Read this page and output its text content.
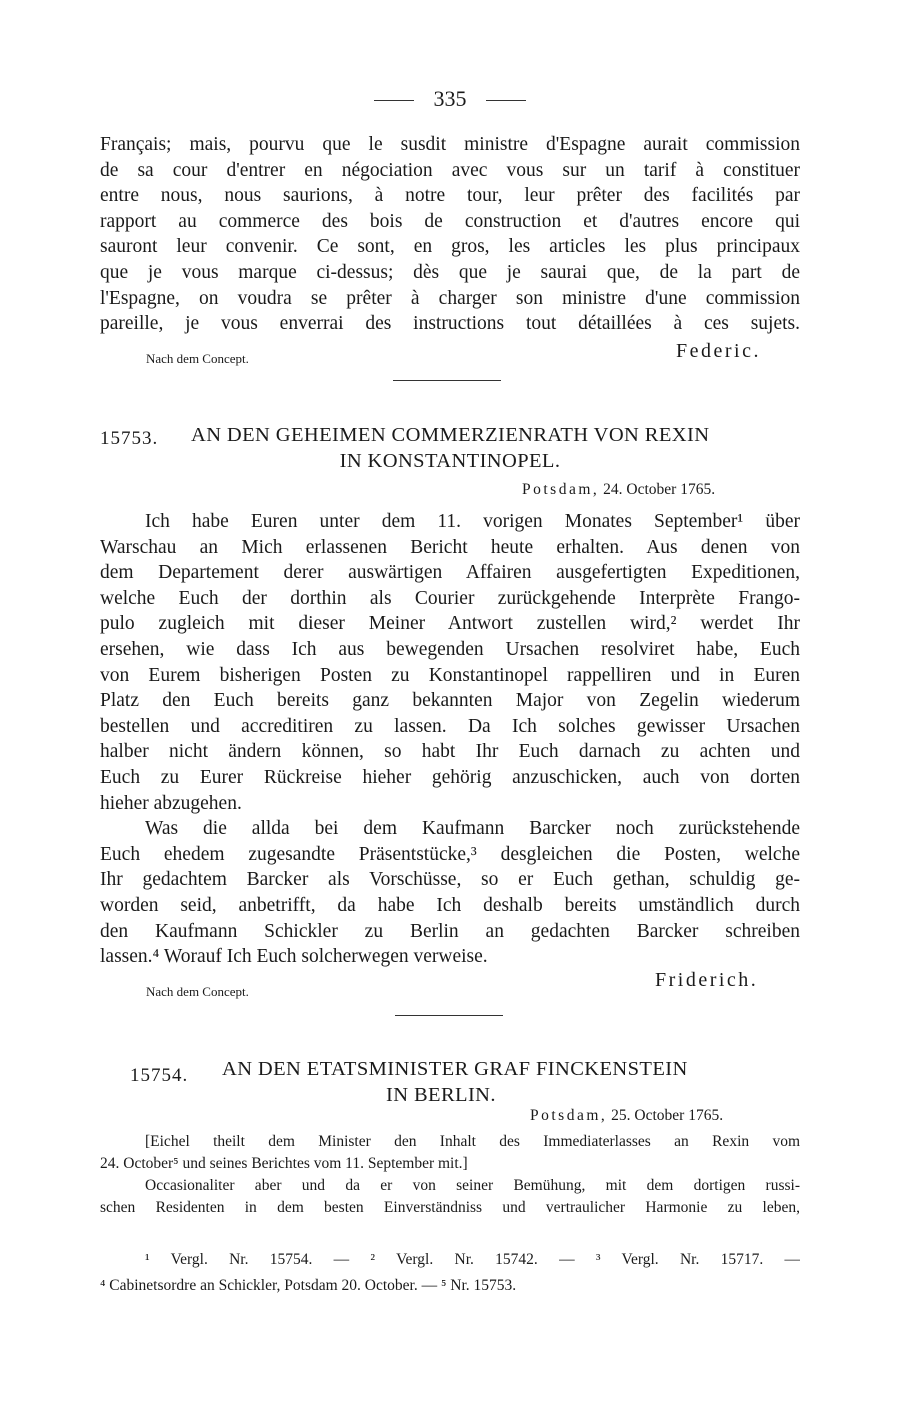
335
Français; mais, pourvu que le susdit ministre d'Espagne aurait commission
de sa cour d'entrer en négociation avec vous sur un tarif à constituer
entre nous, nous saurions, à notre tour, leur prêter des facilités par
rapport au commerce des bois de construction et d'autres encore qui
sauront leur convenir. Ce sont, en gros, les articles les plus principaux
que je vous marque ci-dessus; dès que je saurai que, de la part de
l'Espagne, on voudra se prêter à charger son ministre d'une commission
pareille, je vous enverrai des instructions tout détaillées à ces sujets.
Nach dem Concept.	Federic.
15753. AN DEN GEHEIMEN COMMERZIENRATH VON REXIN
IN KONSTANTINOPEL.
Potsdam, 24. October 1765.
Ich habe Euren unter dem 11. vorigen Monates September¹ über
Warschau an Mich erlassenen Bericht heute erhalten. Aus denen von
dem Departement derer auswärtigen Affairen ausgefertigten Expeditionen,
welche Euch der dorthin als Courier zurückgehende Interprète Frango-
pulo zugleich mit dieser Meiner Antwort zustellen wird,² werdet Ihr
ersehen, wie dass Ich aus bewegenden Ursachen resolviret habe, Euch
von Eurem bisherigen Posten zu Konstantinopel rappelliren und in Euren
Platz den Euch bereits ganz bekannten Major von Zegelin wiederum
bestellen und accreditiren zu lassen. Da Ich solches gewisser Ursachen
halber nicht ändern können, so habt Ihr Euch darnach zu achten und
Euch zu Eurer Rückreise hieher gehörig anzuschicken, auch von dorten
hieher abzugehen.
Was die allda bei dem Kaufmann Barcker noch zurückstehende
Euch ehedem zugesandte Präsentstücke,³ desgleichen die Posten, welche
Ihr gedachtem Barcker als Vorschüsse, so er Euch gethan, schuldig ge-
worden seid, anbetrifft, da habe Ich deshalb bereits umständlich durch
den Kaufmann Schickler zu Berlin an gedachten Barcker schreiben
lassen.⁴ Worauf Ich Euch solcherwegen verweise.
Nach dem Concept.
Friderich.
15754. AN DEN ETATSMINISTER GRAF FINCKENSTEIN
IN BERLIN.
Potsdam, 25. October 1765.
[Eichel theilt dem Minister den Inhalt des Immediaterlasses an Rexin vom
24. October⁵ und seines Berichtes vom 11. September mit.]
Occasionaliter aber und da er von seiner Bemühung, mit dem dortigen russi-
schen Residenten in dem besten Einverständniss und vertraulicher Harmonie zu leben,
¹ Vergl. Nr. 15754. — ² Vergl. Nr. 15742. — ³ Vergl. Nr. 15717. —
⁴ Cabinetsordre an Schickler, Potsdam 20. October. — ⁵ Nr. 15753.
